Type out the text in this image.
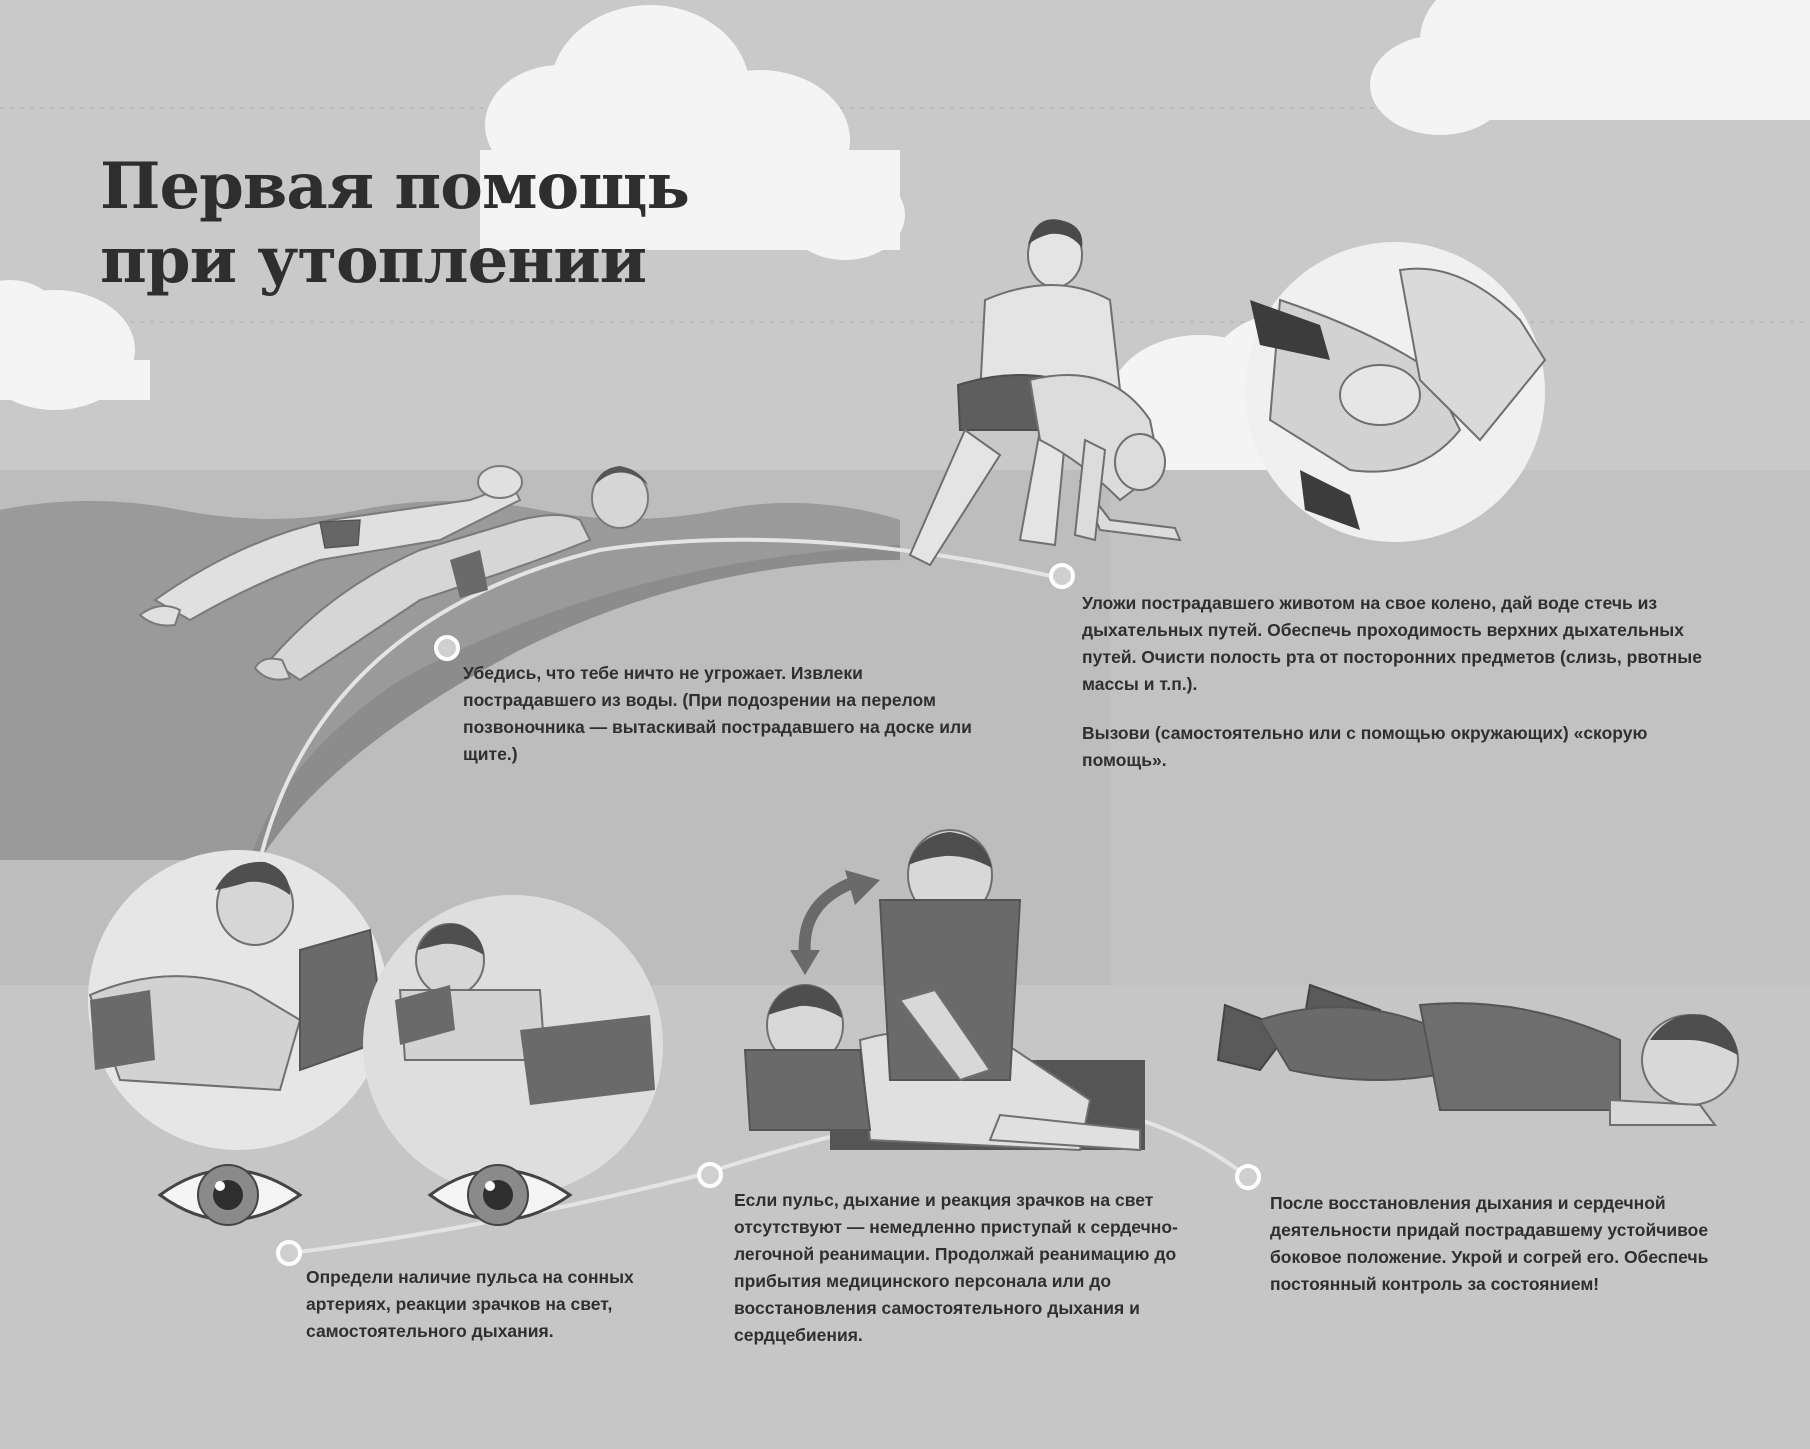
Первая помощь
при утоплении

Убедись, что тебе ничто не угрожает. Извлеки пострадавшего из воды. (При подозрении на перелом позвоночника — вытаскивай пострадавшего на доске или щите.)

Уложи пострадавшего животом на свое колено, дай воде стечь из дыхательных путей. Обеспечь проходимость верхних дыхательных путей. Очисти полость рта от посторонних предметов (слизь, рвотные массы и т.п.).

Вызови (самостоятельно или с помощью окружающих) «скорую помощь».

Определи наличие пульса на сонных артериях, реакции зрачков на свет, самостоятельного дыхания.

Если пульс, дыхание и реакция зрачков на свет отсутствуют — немедленно приступай к сердечно-легочной реанимации. Продолжай реанимацию до прибытия медицинского персонала или до восстановления самостоятельного дыхания и сердцебиения.

После восстановления дыхания и сердечной деятельности придай пострадавшему устойчивое боковое положение. Укрой и согрей его. Обеспечь постоянный контроль за состоянием!
